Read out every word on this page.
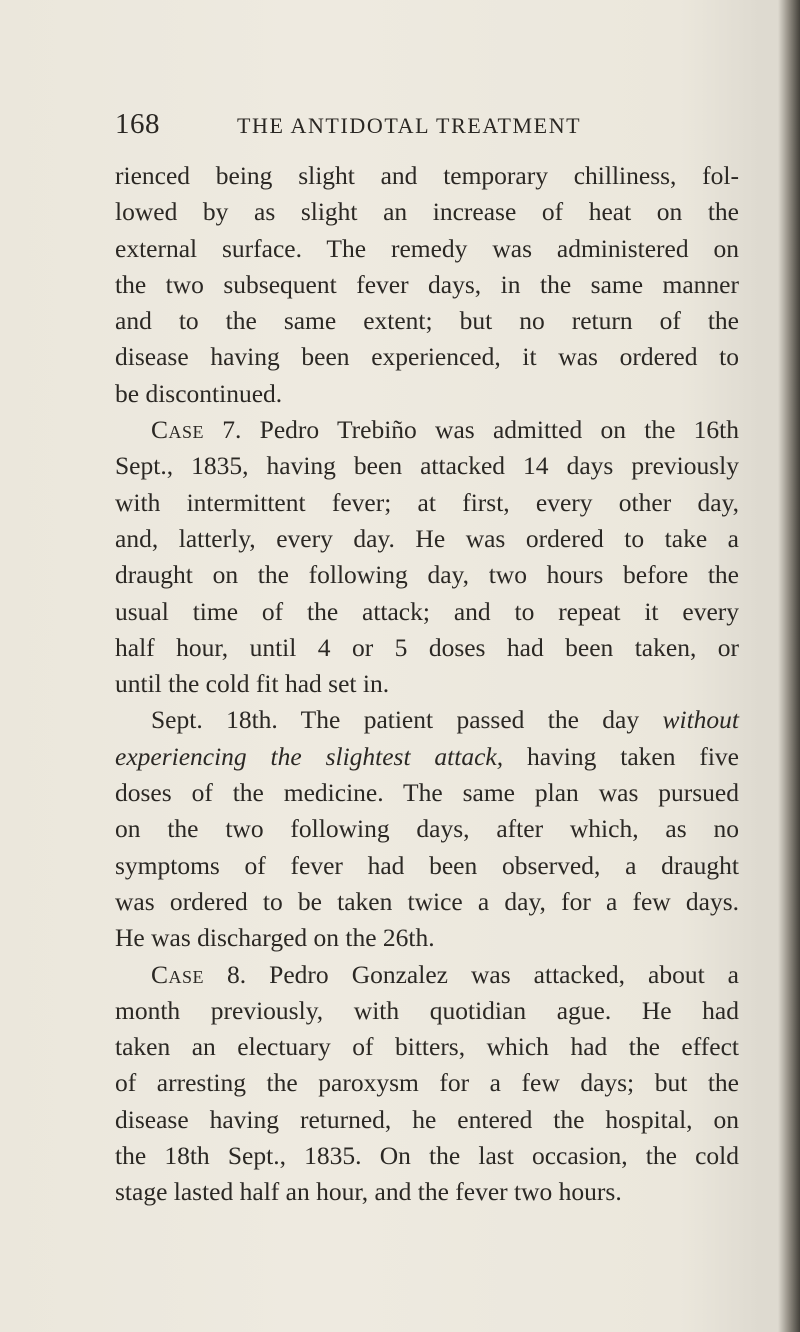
168	THE ANTIDOTAL TREATMENT
rienced being slight and temporary chilliness, fol-
lowed by as slight an increase of heat on the
external surface. The remedy was administered on
the two subsequent fever days, in the same manner
and to the same extent; but no return of the
disease having been experienced, it was ordered to
be discontinued.
Case 7. Pedro Trebiño was admitted on the 16th
Sept., 1835, having been attacked 14 days previously
with intermittent fever; at first, every other day,
and, latterly, every day. He was ordered to take a
draught on the following day, two hours before the
usual time of the attack; and to repeat it every
half hour, until 4 or 5 doses had been taken, or
until the cold fit had set in.
Sept. 18th. The patient passed the day without
experiencing the slightest attack, having taken five
doses of the medicine. The same plan was pursued
on the two following days, after which, as no
symptoms of fever had been observed, a draught
was ordered to be taken twice a day, for a few days.
He was discharged on the 26th.
Case 8. Pedro Gonzalez was attacked, about a
month previously, with quotidian ague. He had
taken an electuary of bitters, which had the effect
of arresting the paroxysm for a few days; but the
disease having returned, he entered the hospital, on
the 18th Sept., 1835. On the last occasion, the cold
stage lasted half an hour, and the fever two hours.
